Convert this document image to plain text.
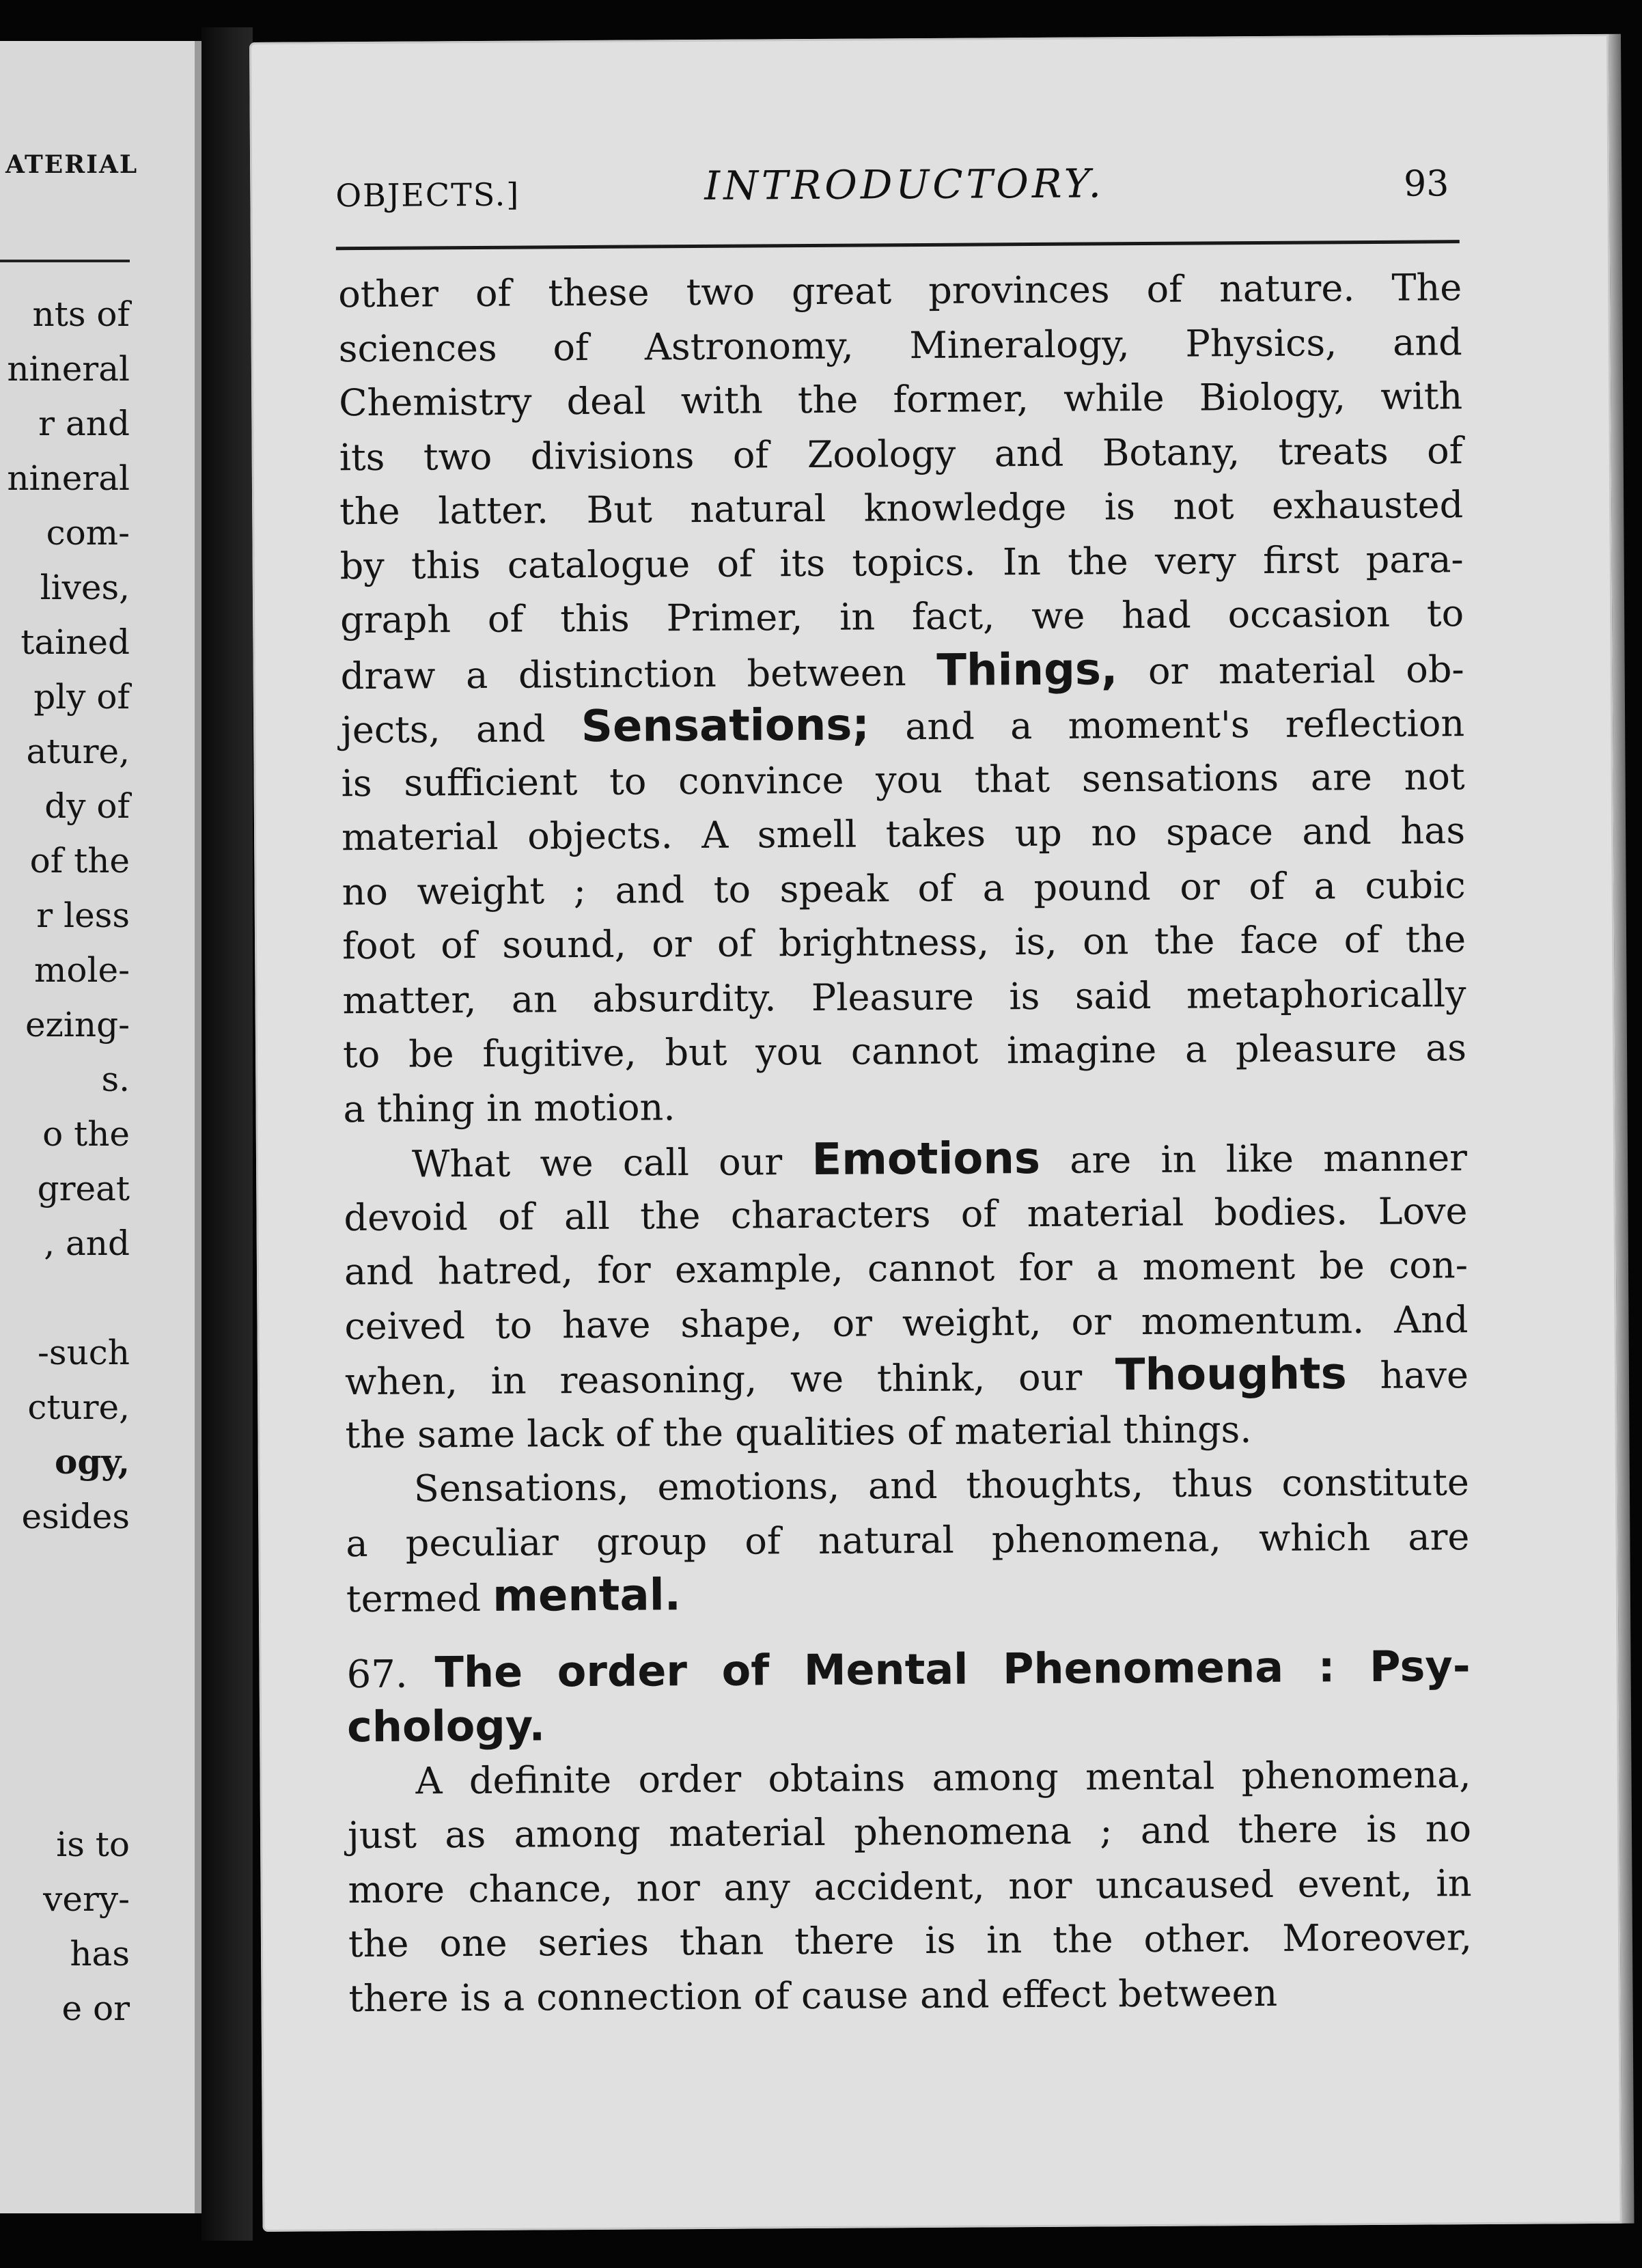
ATERIAL
nts of
nineral
r and
nineral
com-
lives,
tained
ply of
ature,
dy of
of the
r less
mole-
ezing-
s.
o the
great
, and
-such
cture,
ogy,
esides
is to
very-
has
e or
OBJECTS.]	INTRODUCTORY.	93
other of these two great provinces of nature. The
sciences of Astronomy, Mineralogy, Physics, and
Chemistry deal with the former, while Biology, with
its two divisions of Zoology and Botany, treats of
the latter. But natural knowledge is not exhausted
by this catalogue of its topics. In the very first para-
graph of this Primer, in fact, we had occasion to
draw a distinction between Things, or material ob-
jects, and Sensations; and a moment's reflection
is sufficient to convince you that sensations are not
material objects. A smell takes up no space and has
no weight ; and to speak of a pound or of a cubic
foot of sound, or of brightness, is, on the face of the
matter, an absurdity. Pleasure is said metaphorically
to be fugitive, but you cannot imagine a pleasure as
a thing in motion.
What we call our Emotions are in like manner
devoid of all the characters of material bodies. Love
and hatred, for example, cannot for a moment be con-
ceived to have shape, or weight, or momentum. And
when, in reasoning, we think, our Thoughts have
the same lack of the qualities of material things.
Sensations, emotions, and thoughts, thus constitute
a peculiar group of natural phenomena, which are
termed mental.
67. The order of Mental Phenomena : Psy-
chology.
A definite order obtains among mental phenomena,
just as among material phenomena ; and there is no
more chance, nor any accident, nor uncaused event, in
the one series than there is in the other. Moreover,
there is a connection of cause and effect between
